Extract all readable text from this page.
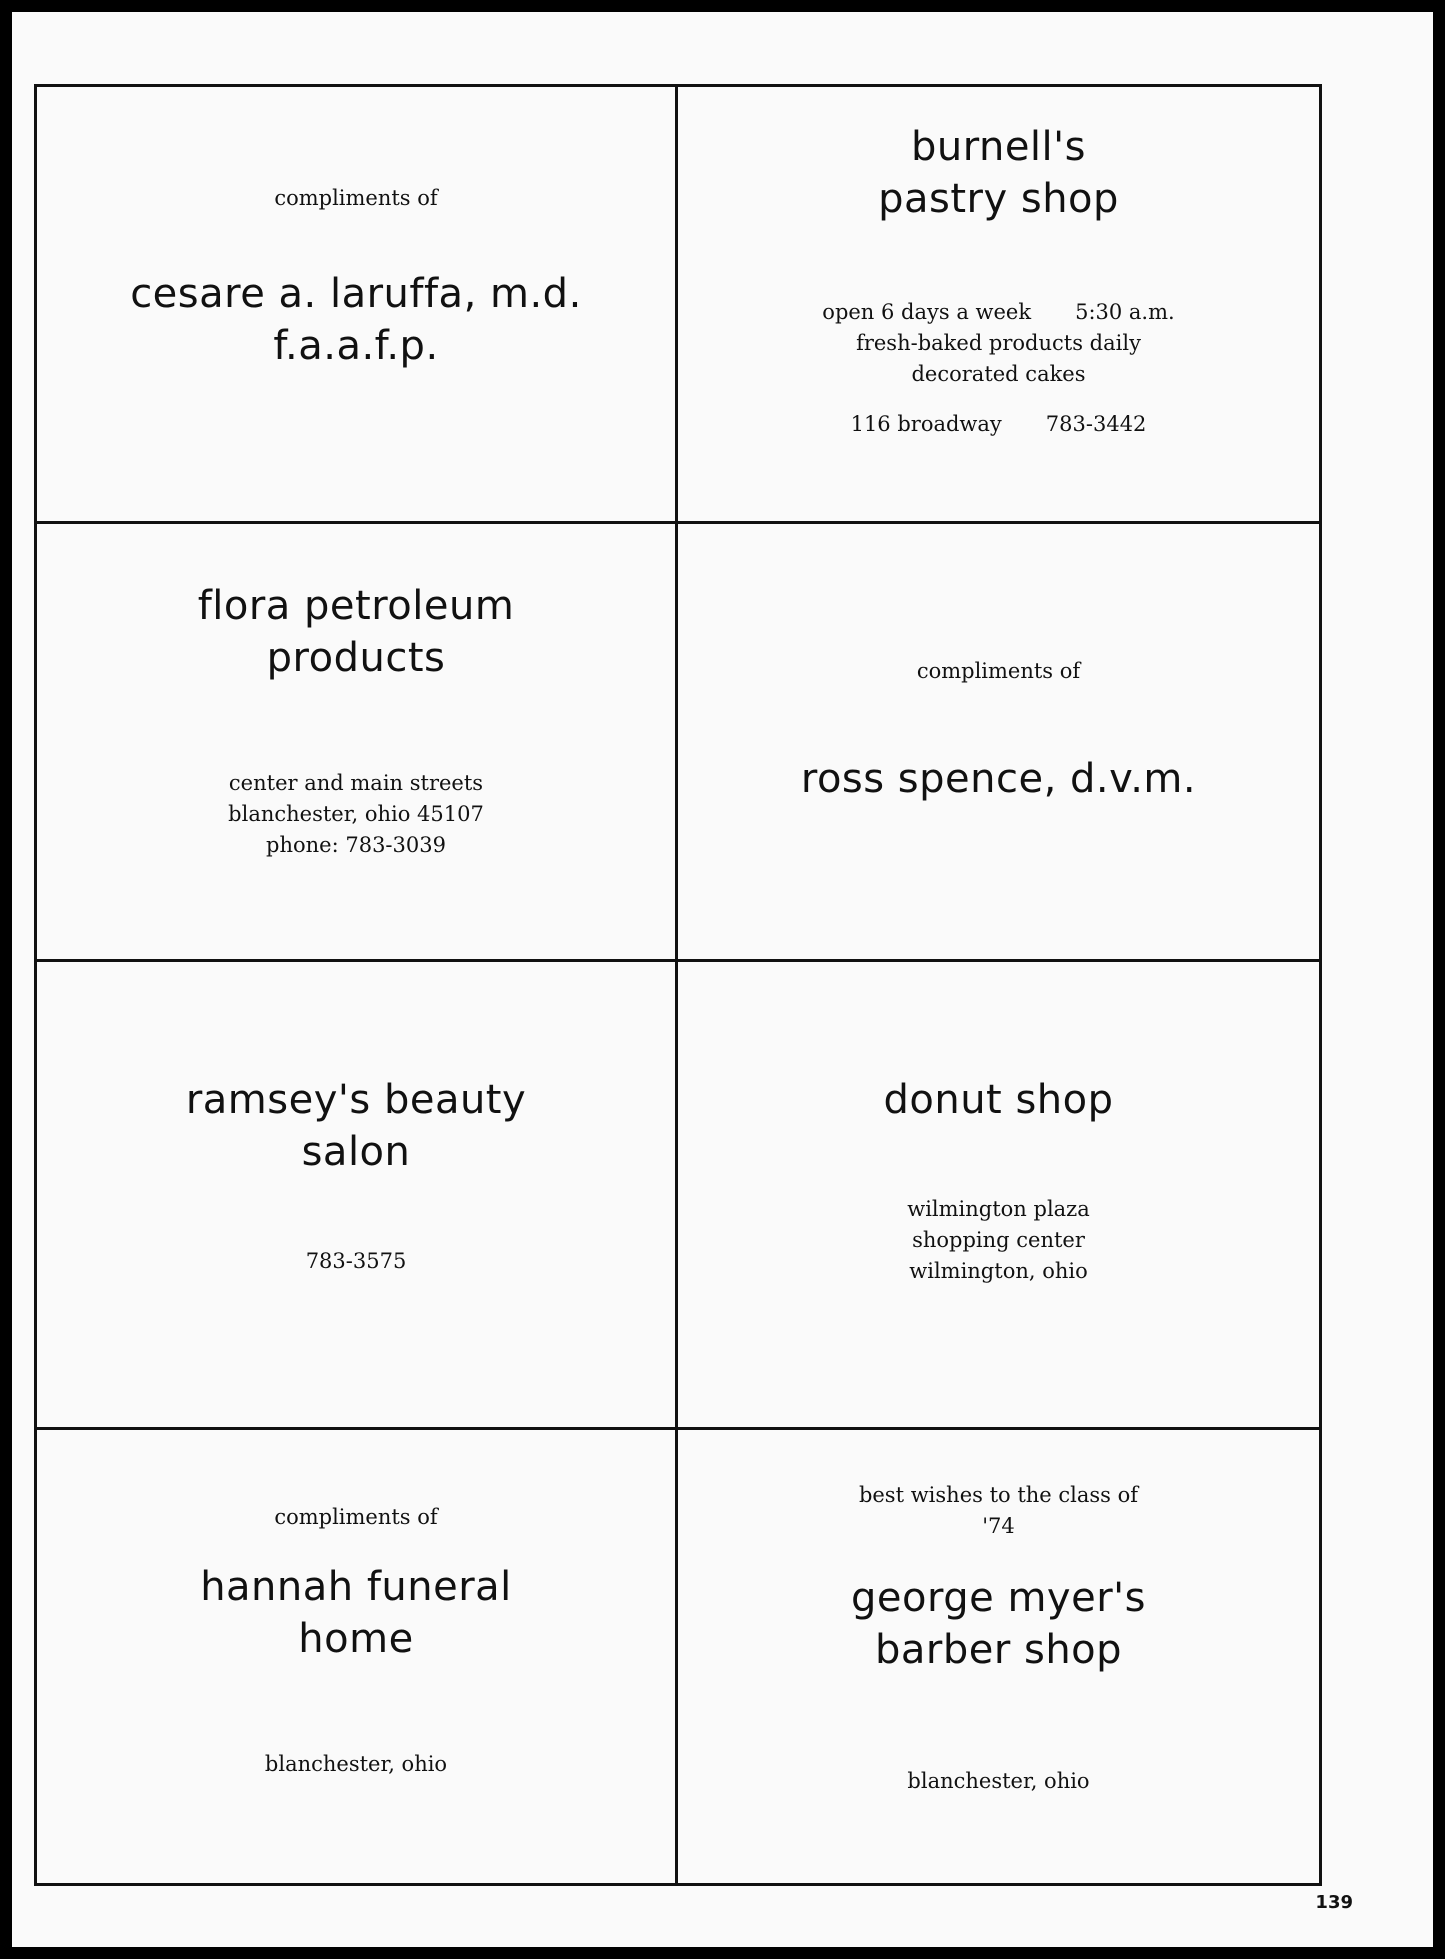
compliments of
cesare a. laruffa, m.d.
f.a.a.f.p.
burnell's
pastry shop
open 6 days a week 5:30 a.m.
fresh-baked products daily
decorated cakes
116 broadway 783-3442
flora petroleum
products
center and main streets
blanchester, ohio 45107
phone: 783-3039
compliments of
ross spence, d.v.m.
ramsey's beauty
salon
783-3575
donut shop
wilmington plaza
shopping center
wilmington, ohio
compliments of
hannah funeral
home
blanchester, ohio
best wishes to the class of
'74
george myer's
barber shop
blanchester, ohio
139
